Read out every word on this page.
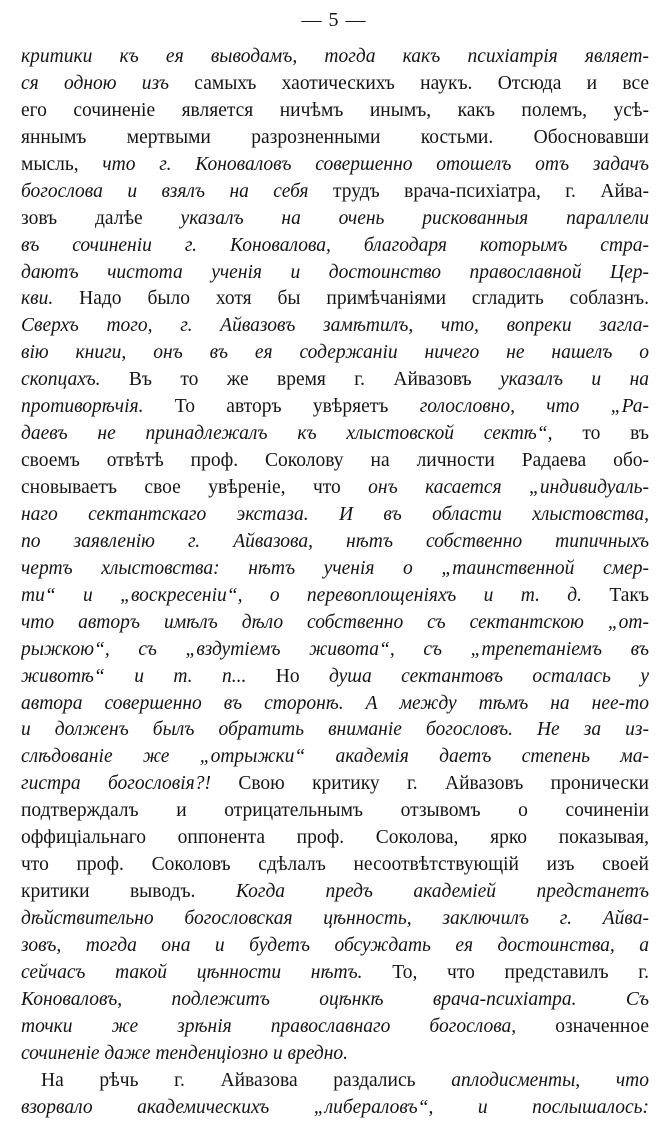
— 5 —
критики къ ея выводамъ, тогда какъ психіатрія являет-
ся одною изъ самыхъ хаотическихъ наукъ. Отсюда и все
его сочиненіе является ничѣмъ инымъ, какъ полемъ, усѣ-
яннымъ мертвыми разрозненными костьми. Обосновавши
мысль, что г. Коноваловъ совершенно отошелъ отъ задачъ
богослова и взялъ на себя трудъ врача-психіатра, г. Айва-
зовъ далѣе указалъ на очень рискованныя параллели
въ сочиненіи г. Коновалова, благодаря которымъ стра-
даютъ чистота ученія и достоинство православной Цер-
кви. Надо было хотя бы примѣчаніями сгладить соблазнъ.
Сверхъ того, г. Айвазовъ замѣтилъ, что, вопреки загла-
вію книги, онъ въ ея содержаніи ничего не нашелъ о
скопцахъ. Въ то же время г. Айвазовъ указалъ и на
противорѣчія. То авторъ увѣряетъ голословно, что „Ра-
даевъ не принадлежалъ къ хлыстовской сектѣ“, то въ
своемъ отвѣтѣ проф. Соколову на личности Радаева обо-
сновываетъ свое увѣреніе, что онъ касается „индивидуаль-
наго сектантскаго экстаза. И въ области хлыстовства,
по заявленію г. Айвазова, нѣтъ собственно типичныхъ
чертъ хлыстовства: нѣтъ ученія о „таинственной смер-
ти“ и „воскресеніи“, о перевоплощеніяхъ и т. д. Такъ
что авторъ имѣлъ дѣло собственно съ сектантскою „от-
рыжкою“, съ „вздутіемъ живота“, съ „трепетаніемъ въ
животѣ“ и т. п... Но душа сектантовъ осталась у
автора совершенно въ сторонѣ. А между тѣмъ на нее-то
и долженъ былъ обратить вниманіе богословъ. Не за из-
слѣдованіе же „отрыжки“ академія даетъ степень ма-
гистра богословія?! Свою критику г. Айвазовъ пронически
подтверждалъ и отрицательнымъ отзывомъ о сочиненіи
оффиціальнаго оппонента проф. Соколова, ярко показывая,
что проф. Соколовъ сдѣлалъ несоотвѣтствующій изъ своей
критики выводъ. Когда предъ академіей предстанетъ
дѣйствительно богословская цѣнность, заключилъ г. Айва-
зовъ, тогда она и будетъ обсуждать ея достоинства, а
сейчасъ такой цѣнности нѣтъ. То, что представилъ г.
Коноваловъ, подлежитъ оцѣнкѣ врача-психіатра. Съ
точки же зрѣнія православнаго богослова, означенное
сочиненіе даже тенденціозно и вредно.
На рѣчь г. Айвазова раздались аплодисменты, что
взорвало академическихъ „либераловъ“, и послышалось:
